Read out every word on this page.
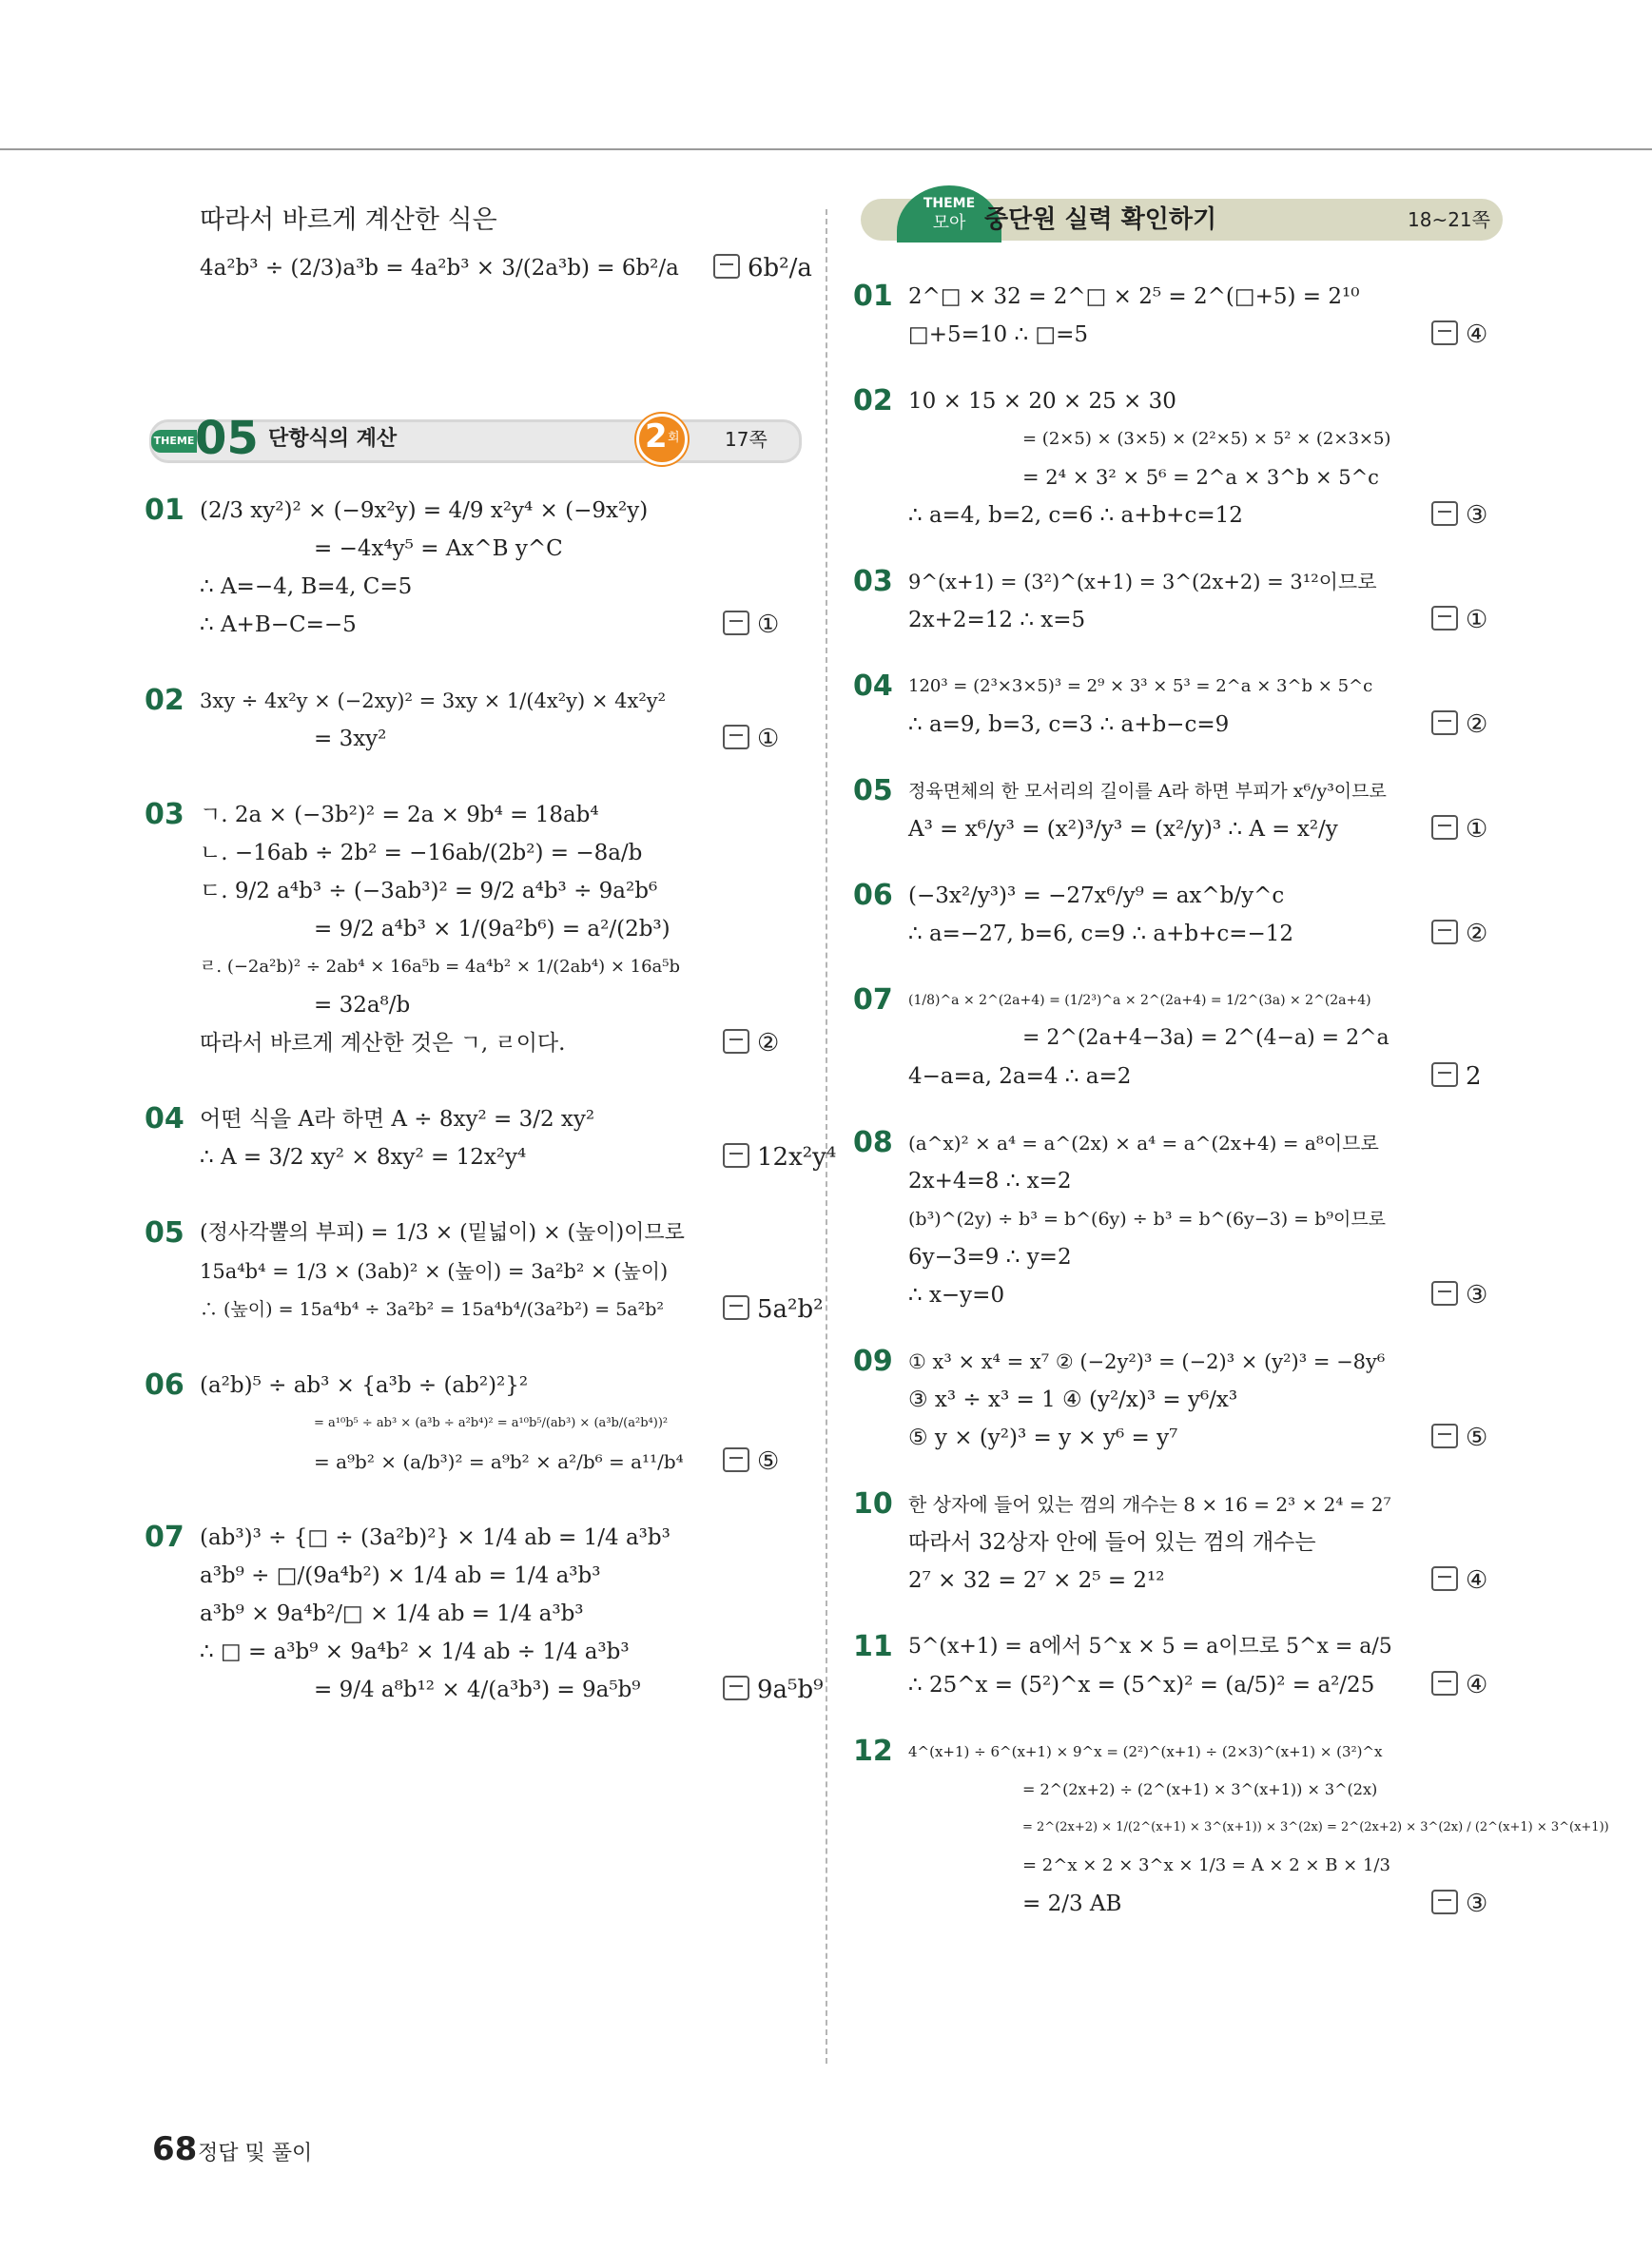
따라서 바르게 계산한 식은
4a²b³ ÷ (2/3)a³b = 4a²b³ × 3/(2a³b) = 6b²/a	6b²/a
THEME 05 단항식의 계산	2 회 17쪽
01 (2/3 xy²)² × (−9x²y) = 4/9 x²y⁴ × (−9x²y)
= −4x⁴y⁵ = Ax^B y^C
∴ A=−4, B=4, C=5
∴ A+B−C=−5	①
02 3xy ÷ 4x²y × (−2xy)² = 3xy × 1/(4x²y) × 4x²y²
= 3xy²	①
03 ㄱ. 2a × (−3b²)² = 2a × 9b⁴ = 18ab⁴
ㄴ. −16ab ÷ 2b² = −16ab/(2b²) = −8a/b
ㄷ. 9/2 a⁴b³ ÷ (−3ab³)² = 9/2 a⁴b³ ÷ 9a²b⁶
= 9/2 a⁴b³ × 1/(9a²b⁶) = a²/(2b³)
ㄹ. (−2a²b)² ÷ 2ab⁴ × 16a⁵b = 4a⁴b² × 1/(2ab⁴) × 16a⁵b
= 32a⁸/b
따라서 바르게 계산한 것은 ㄱ, ㄹ이다.	②
04 어떤 식을 A라 하면 A ÷ 8xy² = 3/2 xy²
∴ A = 3/2 xy² × 8xy² = 12x²y⁴	12x²y⁴
05 (정사각뿔의 부피) = 1/3 × (밑넓이) × (높이)이므로
15a⁴b⁴ = 1/3 × (3ab)² × (높이) = 3a²b² × (높이)
∴ (높이) = 15a⁴b⁴ ÷ 3a²b² = 15a⁴b⁴/(3a²b²) = 5a²b²	5a²b²
06 (a²b)⁵ ÷ ab³ × {a³b ÷ (ab²)²}²
= a¹⁰b⁵ ÷ ab³ × (a³b ÷ a²b⁴)² = a¹⁰b⁵/(ab³) × (a³b/(a²b⁴))²
= a⁹b² × (a/b³)² = a⁹b² × a²/b⁶ = a¹¹/b⁴	⑤
07 (ab³)³ ÷ {□ ÷ (3a²b)²} × 1/4 ab = 1/4 a³b³
a³b⁹ ÷ □/(9a⁴b²) × 1/4 ab = 1/4 a³b³
a³b⁹ × 9a⁴b²/□ × 1/4 ab = 1/4 a³b³
∴ □ = a³b⁹ × 9a⁴b² × 1/4 ab ÷ 1/4 a³b³
= 9/4 a⁸b¹² × 4/(a³b³) = 9a⁵b⁹	9a⁵b⁹
THEME
모아 중단원 실력 확인하기	18~21쪽
01 2^□ × 32 = 2^□ × 2⁵ = 2^(□+5) = 2¹⁰
□+5=10 ∴ □=5	④
02 10 × 15 × 20 × 25 × 30
= (2×5) × (3×5) × (2²×5) × 5² × (2×3×5)
= 2⁴ × 3² × 5⁶ = 2^a × 3^b × 5^c
∴ a=4, b=2, c=6 ∴ a+b+c=12	③
03 9^(x+1) = (3²)^(x+1) = 3^(2x+2) = 3¹²이므로
2x+2=12 ∴ x=5	①
04 120³ = (2³×3×5)³ = 2⁹ × 3³ × 5³ = 2^a × 3^b × 5^c
∴ a=9, b=3, c=3 ∴ a+b−c=9	②
05 정육면체의 한 모서리의 길이를 A라 하면 부피가 x⁶/y³이므로
A³ = x⁶/y³ = (x²)³/y³ = (x²/y)³ ∴ A = x²/y	①
06 (−3x²/y³)³ = −27x⁶/y⁹ = ax^b/y^c
∴ a=−27, b=6, c=9 ∴ a+b+c=−12	②
07 (1/8)^a × 2^(2a+4) = (1/2³)^a × 2^(2a+4) = 1/2^(3a) × 2^(2a+4)
= 2^(2a+4−3a) = 2^(4−a) = 2^a
4−a=a, 2a=4 ∴ a=2	2
08 (a^x)² × a⁴ = a^(2x) × a⁴ = a^(2x+4) = a⁸이므로
2x+4=8 ∴ x=2
(b³)^(2y) ÷ b³ = b^(6y) ÷ b³ = b^(6y−3) = b⁹이므로
6y−3=9 ∴ y=2
∴ x−y=0	③
09 ① x³ × x⁴ = x⁷ ② (−2y²)³ = (−2)³ × (y²)³ = −8y⁶
③ x³ ÷ x³ = 1 ④ (y²/x)³ = y⁶/x³
⑤ y × (y²)³ = y × y⁶ = y⁷	⑤
10 한 상자에 들어 있는 껌의 개수는 8 × 16 = 2³ × 2⁴ = 2⁷
따라서 32상자 안에 들어 있는 껌의 개수는
2⁷ × 32 = 2⁷ × 2⁵ = 2¹²	④
11 5^(x+1) = a에서 5^x × 5 = a이므로 5^x = a/5
∴ 25^x = (5²)^x = (5^x)² = (a/5)² = a²/25	④
12 4^(x+1) ÷ 6^(x+1) × 9^x = (2²)^(x+1) ÷ (2×3)^(x+1) × (3²)^x
= 2^(2x+2) ÷ (2^(x+1) × 3^(x+1)) × 3^(2x)
= 2^(2x+2) × 1/(2^(x+1) × 3^(x+1)) × 3^(2x) = 2^(2x+2) × 3^(2x) / (2^(x+1) × 3^(x+1))
= 2^x × 2 × 3^x × 1/3 = A × 2 × B × 1/3
= 2/3 AB	③
68 정답 및 풀이
